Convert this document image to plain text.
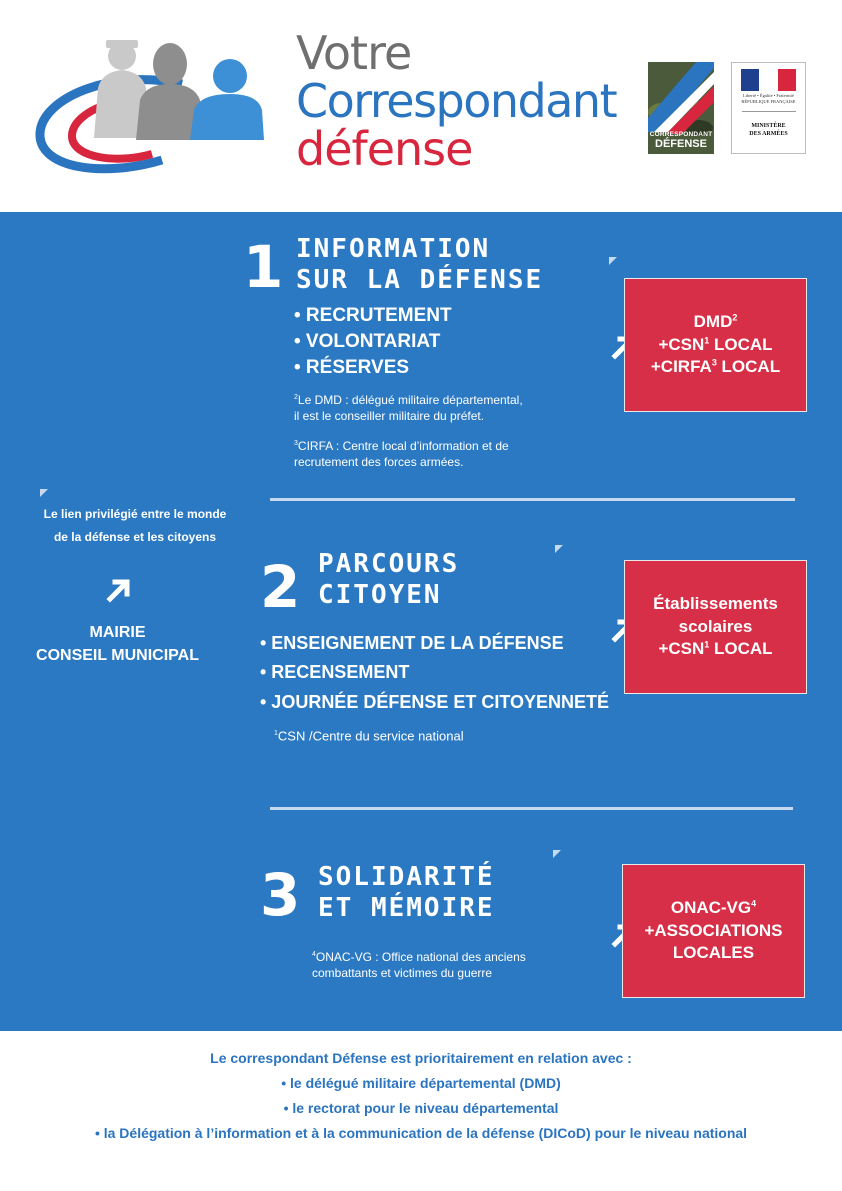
Votre
Correspondant
défense	CORRESPONDANT
DÉFENSE
Liberté • Égalité • Fraternité
RÉPUBLIQUE FRANÇAISE
MINISTÈRE
DES ARMÉES
Le lien privilégié entre le monde
de la défense et les citoyens
MAIRIE
CONSEIL MUNICIPAL
1 INFORMATION
SUR LA DÉFENSE
• RECRUTEMENT
• VOLONTARIAT
• RÉSERVES
$^2$Le DMD : délégué militaire départemental,
il est le conseiller militaire du préfet.
$^3$CIRFA : Centre local d’information et de
recrutement des forces armées.
$DMD^2$
$+CSN^1$ LOCAL
$+CIRFA^3$ LOCAL
2 PARCOURS
CITOYEN
• ENSEIGNEMENT DE LA DÉFENSE
• RECENSEMENT
• JOURNÉE DÉFENSE ET CITOYENNETÉ
$^1$CSN /Centre du service national
Établissements
scolaires
$+CSN^1$ LOCAL
3 SOLIDARITÉ
ET MÉMOIRE
$^4$ONAC-VG : Office national des anciens
combattants et victimes du guerre
ONAC-$VG^4$
+ASSOCIATIONS
LOCALES
Le correspondant Défense est prioritairement en relation avec :
• le délégué militaire départemental (DMD)
• le rectorat pour le niveau départemental
• la Délégation à l’information et à la communication de la défense (DICoD) pour le niveau national
